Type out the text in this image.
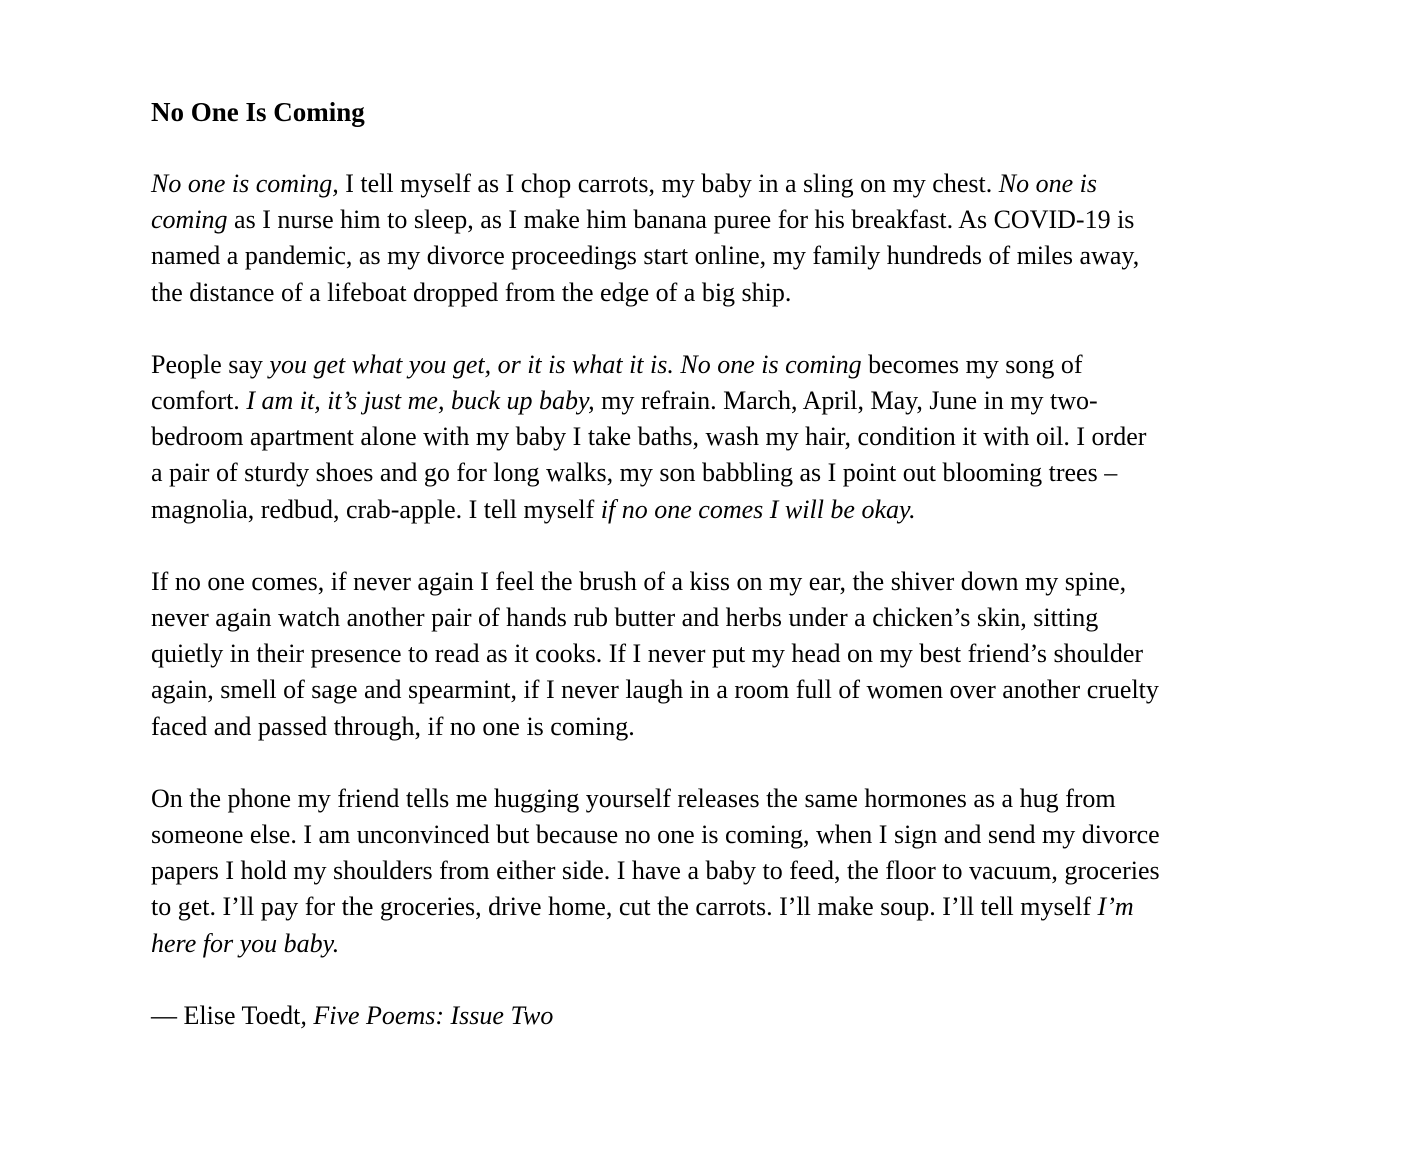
No One Is Coming

No one is coming, I tell myself as I chop carrots, my baby in a sling on my chest. No one is
coming as I nurse him to sleep, as I make him banana puree for his breakfast. As COVID-19 is
named a pandemic, as my divorce proceedings start online, my family hundreds of miles away,
the distance of a lifeboat dropped from the edge of a big ship.

People say you get what you get, or it is what it is. No one is coming becomes my song of
comfort. I am it, it’s just me, buck up baby, my refrain. March, April, May, June in my two-
bedroom apartment alone with my baby I take baths, wash my hair, condition it with oil. I order
a pair of sturdy shoes and go for long walks, my son babbling as I point out blooming trees –
magnolia, redbud, crab-apple. I tell myself if no one comes I will be okay.

If no one comes, if never again I feel the brush of a kiss on my ear, the shiver down my spine,
never again watch another pair of hands rub butter and herbs under a chicken’s skin, sitting
quietly in their presence to read as it cooks. If I never put my head on my best friend’s shoulder
again, smell of sage and spearmint, if I never laugh in a room full of women over another cruelty
faced and passed through, if no one is coming.

On the phone my friend tells me hugging yourself releases the same hormones as a hug from
someone else. I am unconvinced but because no one is coming, when I sign and send my divorce
papers I hold my shoulders from either side. I have a baby to feed, the floor to vacuum, groceries
to get. I’ll pay for the groceries, drive home, cut the carrots. I’ll make soup. I’ll tell myself I’m
here for you baby.

— Elise Toedt, Five Poems: Issue Two
